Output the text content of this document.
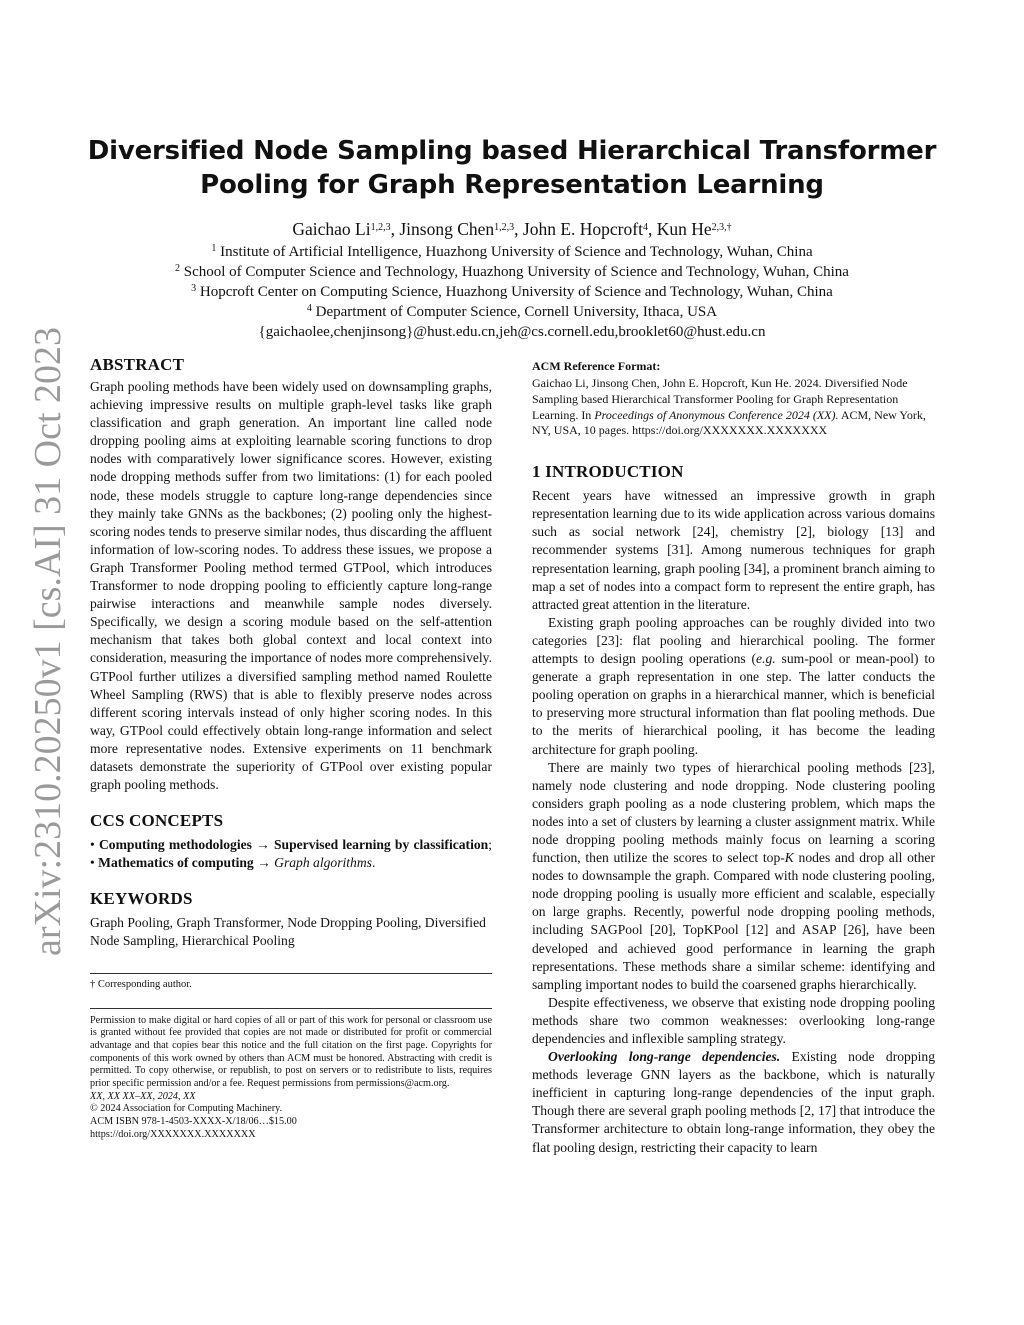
Diversified Node Sampling based Hierarchical Transformer
Pooling for Graph Representation Learning
Gaichao Li$^{1,2,3}$, Jinsong Chen$^{1,2,3}$, John E. Hopcroft$^4$, Kun $He^{2,3,\dagger}$

$^1$ Institute of Artificial Intelligence, Huazhong University of Science and Technology, Wuhan, China

$^2$ School of Computer Science and Technology, Huazhong University of Science and Technology, Wuhan, China

$^3$ Hopcroft Center on Computing Science, Huazhong University of Science and Technology, Wuhan, China

$^4$ Department of Computer Science, Cornell University, Ithaca, USA

{gaichaolee,chenjinsong}@hust.edu.cn,jeh@cs.cornell.edu,brooklet60@hust.edu.cn

arXiv:2310.20250v1 [cs.AI] 31 Oct 2023	ABSTRACT

Graph pooling methods have been widely used on downsampling graphs, achieving impressive results on multiple graph-level tasks like graph classification and graph generation. An important line called node dropping pooling aims at exploiting learnable scoring functions to drop nodes with comparatively lower significance scores. However, existing node dropping methods suffer from two limitations: (1) for each pooled node, these models struggle to capture long-range dependencies since they mainly take GNNs as the backbones; (2) pooling only the highest-scoring nodes tends to preserve similar nodes, thus discarding the affluent information of low-scoring nodes. To address these issues, we propose a Graph Transformer Pooling method termed GTPool, which introduces Transformer to node dropping pooling to efficiently capture long-range pairwise interactions and meanwhile sample nodes diversely. Specifically, we design a scoring module based on the self-attention mechanism that takes both global context and local context into consideration, measuring the importance of nodes more comprehensively. GTPool further utilizes a diversified sampling method named Roulette Wheel Sampling (RWS) that is able to flexibly preserve nodes across different scoring intervals instead of only higher scoring nodes. In this way, GTPool could effectively obtain long-range information and select more representative nodes. Extensive experiments on 11 benchmark datasets demonstrate the superiority of GTPool over existing popular graph pooling methods.

CCS CONCEPTS

• Computing methodologies → Supervised learning by classification; • Mathematics of computing → Graph algorithms.

KEYWORDS

Graph Pooling, Graph Transformer, Node Dropping Pooling, Diversified Node Sampling, Hierarchical Pooling

† Corresponding author.

Permission to make digital or hard copies of all or part of this work for personal or classroom use is granted without fee provided that copies are not made or distributed for profit or commercial advantage and that copies bear this notice and the full citation on the first page. Copyrights for components of this work owned by others than ACM must be honored. Abstracting with credit is permitted. To copy otherwise, or republish, to post on servers or to redistribute to lists, requires prior specific permission and/or a fee. Request permissions from permissions@acm.org.

XX, XX XX–XX, 2024, XX

© 2024 Association for Computing Machinery.

ACM ISBN 978-1-4503-XXXX-X/18/06…$15.00

https://doi.org/XXXXXXX.XXXXXXX

ACM Reference Format:

Gaichao Li, Jinsong Chen, John E. Hopcroft, Kun He. 2024. Diversified Node Sampling based Hierarchical Transformer Pooling for Graph Representation Learning. In Proceedings of Anonymous Conference 2024 (XX). ACM, New York, NY, USA, 10 pages. https://doi.org/XXXXXXX.XXXXXXX

1 INTRODUCTION

Recent years have witnessed an impressive growth in graph representation learning due to its wide application across various domains such as social network [24], chemistry [2], biology [13] and recommender systems [31]. Among numerous techniques for graph representation learning, graph pooling [34], a prominent branch aiming to map a set of nodes into a compact form to represent the entire graph, has attracted great attention in the literature.

Existing graph pooling approaches can be roughly divided into two categories [23]: flat pooling and hierarchical pooling. The former attempts to design pooling operations (e.g. sum-pool or mean-pool) to generate a graph representation in one step. The latter conducts the pooling operation on graphs in a hierarchical manner, which is beneficial to preserving more structural information than flat pooling methods. Due to the merits of hierarchical pooling, it has become the leading architecture for graph pooling.

There are mainly two types of hierarchical pooling methods [23], namely node clustering and node dropping. Node clustering pooling considers graph pooling as a node clustering problem, which maps the nodes into a set of clusters by learning a cluster assignment matrix. While node dropping pooling methods mainly focus on learning a scoring function, then utilize the scores to select top-K nodes and drop all other nodes to downsample the graph. Compared with node clustering pooling, node dropping pooling is usually more efficient and scalable, especially on large graphs. Recently, powerful node dropping pooling methods, including SAGPool [20], TopKPool [12] and ASAP [26], have been developed and achieved good performance in learning the graph representations. These methods share a similar scheme: identifying and sampling important nodes to build the coarsened graphs hierarchically.

Despite effectiveness, we observe that existing node dropping pooling methods share two common weaknesses: overlooking long-range dependencies and inflexible sampling strategy.

Overlooking long-range dependencies. Existing node dropping methods leverage GNN layers as the backbone, which is naturally inefficient in capturing long-range dependencies of the input graph. Though there are several graph pooling methods [2, 17] that introduce the Transformer architecture to obtain long-range information, they obey the flat pooling design, restricting their capacity to learn
